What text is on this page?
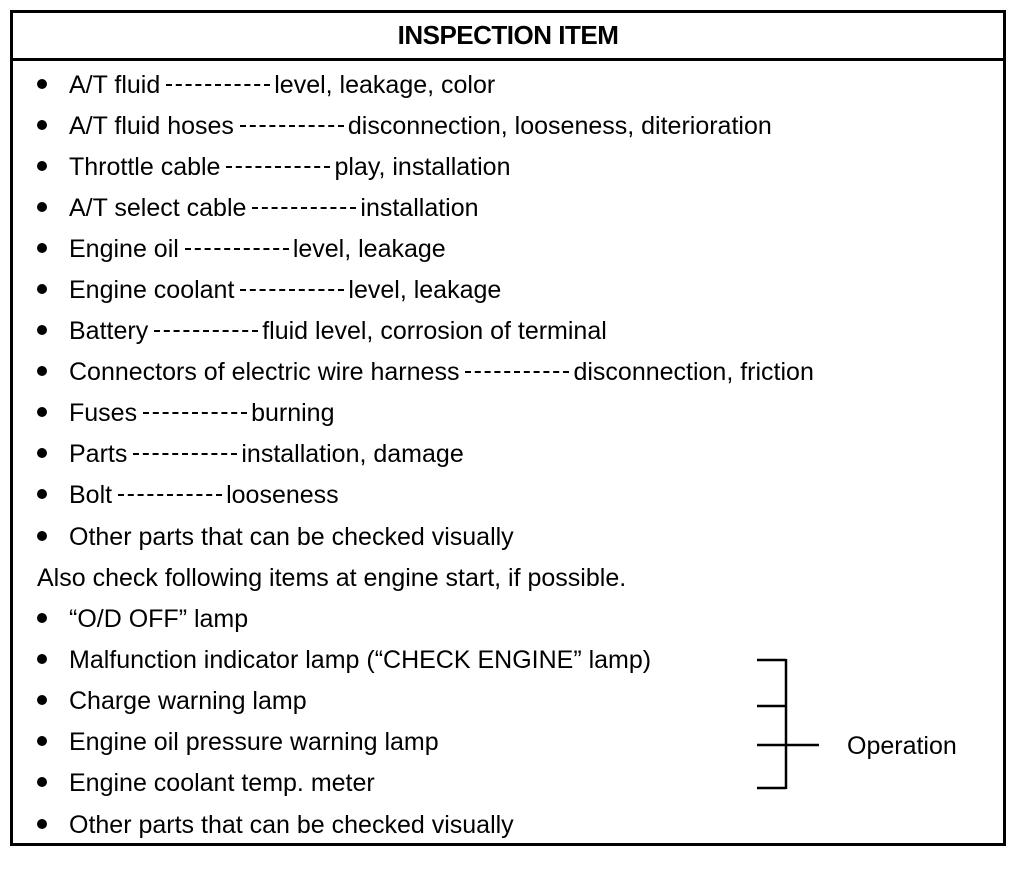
INSPECTION ITEM
A/T fluid	level, leakage, color
A/T fluid hoses	disconnection, looseness, diterioration
Throttle cable	play, installation
A/T select cable	installation
Engine oil	level, leakage
Engine coolant	level, leakage
Battery	fluid level, corrosion of terminal
Connectors of electric wire harness	disconnection, friction
Fuses	burning
Parts	installation, damage
Bolt	looseness
Other parts that can be checked visually
Also check following items at engine start, if possible.
“O/D OFF” lamp
Malfunction indicator lamp (“CHECK ENGINE” lamp)
Charge warning lamp
Engine oil pressure warning lamp
Engine coolant temp. meter
Other parts that can be checked visually
Operation
